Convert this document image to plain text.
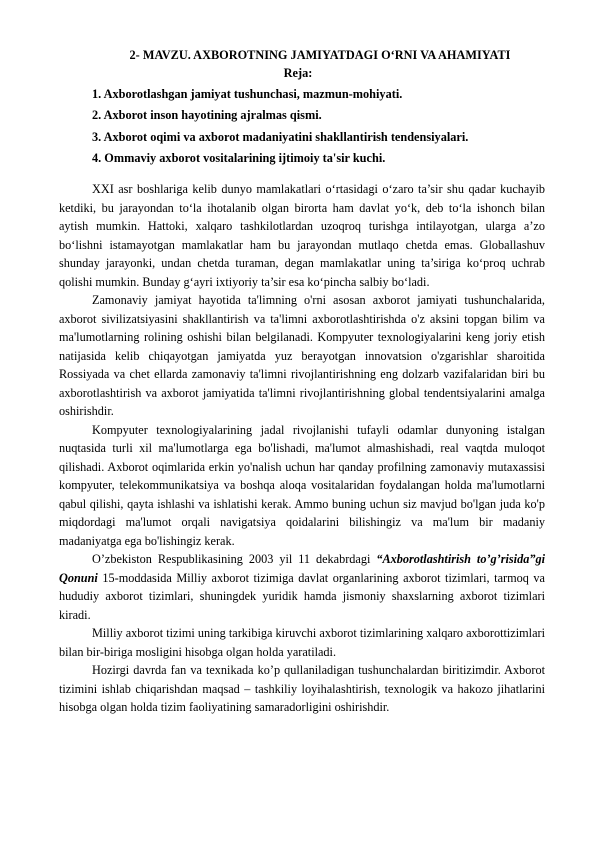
2- MAVZU. AXBOROTNING JAMIYATDAGI O‘RNI VA AHAMIYATI
Reja:
1. Axborotlashgan jamiyat tushunchasi, mazmun-mohiyati.
2. Axborot inson hayotining ajralmas qismi.
3. Axborot oqimi va axborot madaniyatini shakllantirish tendensiyalari.
4. Ommaviy axborot vositalarining ijtimoiy ta'sir kuchi.

XXI asr boshlariga kelib dunyo mamlakatlari o‘rtasidagi o‘zaro ta’sir shu qadar kuchayib ketdiki, bu jarayondan to‘la ihotalanib olgan birorta ham davlat yo‘k, deb to‘la ishonch bilan aytish mumkin. Hattoki, xalqaro tashkilotlardan uzoqroq turishga intilayotgan, ularga a’zo bo‘lishni istamayotgan mamlakatlar ham bu jarayondan mutlaqo chetda emas. Globallashuv shunday jarayonki, undan chetda turaman, degan mamlakatlar uning ta’siriga ko‘proq uchrab qolishi mumkin. Bunday g‘ayri ixtiyoriy ta’sir esa ko‘pincha salbiy bo‘ladi.

Zamonaviy jamiyat hayotida ta'limning o'rni asosan axborot jamiyati tushunchalarida, axborot sivilizatsiyasini shakllantirish va ta'limni axborotlashtirishda o'z aksini topgan bilim va ma'lumotlarning rolining oshishi bilan belgilanadi. Kompyuter texnologiyalarini keng joriy etish natijasida kelib chiqayotgan jamiyatda yuz berayotgan innovatsion o'zgarishlar sharoitida Rossiyada va chet ellarda zamonaviy ta'limni rivojlantirishning eng dolzarb vazifalaridan biri bu axborotlashtirish va axborot jamiyatida ta'limni rivojlantirishning global tendentsiyalarini amalga oshirishdir.

Kompyuter texnologiyalarining jadal rivojlanishi tufayli odamlar dunyoning istalgan nuqtasida turli xil ma'lumotlarga ega bo'lishadi, ma'lumot almashishadi, real vaqtda muloqot qilishadi. Axborot oqimlarida erkin yo'nalish uchun har qanday profilning zamonaviy mutaxassisi kompyuter, telekommunikatsiya va boshqa aloqa vositalaridan foydalangan holda ma'lumotlarni qabul qilishi, qayta ishlashi va ishlatishi kerak. Ammo buning uchun siz mavjud bo'lgan juda ko'p miqdordagi ma'lumot orqali navigatsiya qoidalarini bilishingiz va ma'lum bir madaniy madaniyatga ega bo'lishingiz kerak.

O’zbekiston Respublikasining 2003 yil 11 dekabrdagi “Axborotlashtirish to’g’risida”gi Qonuni 15-moddasida Milliy axborot tizimiga davlat organlarining axborot tizimlari, tarmoq va hududiy axborot tizimlari, shuningdek yuridik hamda jismoniy shaxslarning axborot tizimlari kiradi.

Milliy axborot tizimi uning tarkibiga kiruvchi axborot tizimlarining xalqaro axborottizimlari bilan bir-biriga mosligini hisobga olgan holda yaratiladi.

Hozirgi davrda fan va texnikada ko’p qullaniladigan tushunchalardan biritizimdir. Axborot tizimini ishlab chiqarishdan maqsad – tashkiliy loyihalashtirish, texnologik va hakozo jihatlarini hisobga olgan holda tizim faoliyatining samaradorligini oshirishdir.
